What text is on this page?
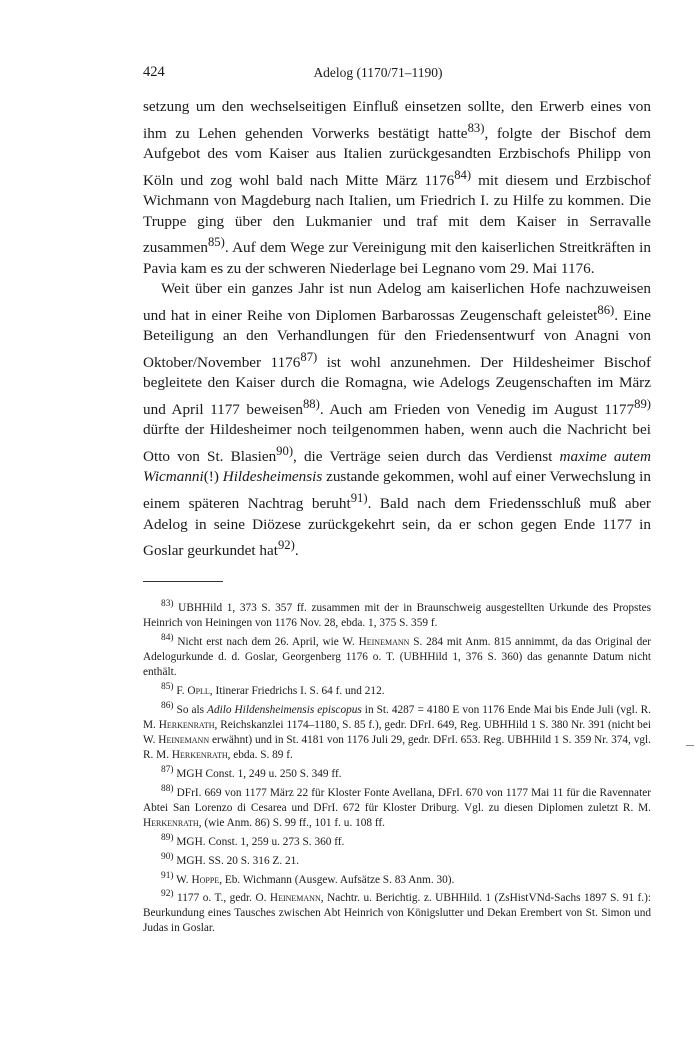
424	Adelog (1170/71–1190)

setzung um den wechselseitigen Einfluß einsetzen sollte, den Erwerb eines von ihm zu Lehen gehenden Vorwerks bestätigt hatte$^{83)}$, folgte der Bischof dem Aufgebot des vom Kaiser aus Italien zurückgesandten Erzbischofs Philipp von Köln und zog wohl bald nach Mitte März 1176$^{84)}$ mit diesem und Erzbischof Wichmann von Magdeburg nach Italien, um Friedrich I. zu Hilfe zu kommen. Die Truppe ging über den Lukmanier und traf mit dem Kaiser in Serravalle zusammen$^{85)}$. Auf dem Wege zur Vereinigung mit den kaiserlichen Streitkräften in Pavia kam es zu der schweren Niederlage bei Legnano vom 29. Mai 1176.

Weit über ein ganzes Jahr ist nun Adelog am kaiserlichen Hofe nachzuweisen und hat in einer Reihe von Diplomen Barbarossas Zeugenschaft geleistet$^{86)}$. Eine Beteiligung an den Verhandlungen für den Friedensentwurf von Anagni von Oktober/November 1176$^{87)}$ ist wohl anzunehmen. Der Hildesheimer Bischof begleitete den Kaiser durch die Romagna, wie Adelogs Zeugenschaften im März und April 1177 beweisen$^{88)}$. Auch am Frieden von Venedig im August 1177$^{89)}$ dürfte der Hildesheimer noch teilgenommen haben, wenn auch die Nachricht bei Otto von St. Blasien$^{90)}$, die Verträge seien durch das Verdienst maxime autem Wicmanni(!) Hildesheimensis zustande gekommen, wohl auf einer Verwechslung in einem späteren Nachtrag beruht$^{91)}$. Bald nach dem Friedensschluß muß aber Adelog in seine Diözese zurückgekehrt sein, da er schon gegen Ende 1177 in Goslar geurkundet hat$^{92)}$.

$^{83)}$ UBHHild 1, 373 S. 357 ff. zusammen mit der in Braunschweig ausgestellten Urkunde des Propstes Heinrich von Heiningen von 1176 Nov. 28, ebda. 1, 375 S. 359 f.

$^{84)}$ Nicht erst nach dem 26. April, wie W. Heinemann S. 284 mit Anm. 815 annimmt, da das Original der Adelogurkunde d. d. Goslar, Georgenberg 1176 o. T. (UBHHild 1, 376 S. 360) das genannte Datum nicht enthält.

$^{85)}$ F. Opll, Itinerar Friedrichs I. S. 64 f. und 212.

$^{86)}$ So als Adilo Hildensheimensis episcopus in St. 4287 = 4180 E von 1176 Ende Mai bis Ende Juli (vgl. R. M. Herkenrath, Reichskanzlei 1174–1180, S. 85 f.), gedr. DFrI. 649, Reg. UBHHild 1 S. 380 Nr. 391 (nicht bei W. Heinemann erwähnt) und in St. 4181 von 1176 Juli 29, gedr. DFrI. 653. Reg. UBHHild 1 S. 359 Nr. 374, vgl. R. M. Herkenrath, ebda. S. 89 f.

$^{87)}$ MGH Const. 1, 249 u. 250 S. 349 ff.

$^{88)}$ DFrI. 669 von 1177 März 22 für Kloster Fonte Avellana, DFrI. 670 von 1177 Mai 11 für die Ravennater Abtei San Lorenzo di Cesarea und DFrI. 672 für Kloster Driburg. Vgl. zu diesen Diplomen zuletzt R. M. Herkenrath, (wie Anm. 86) S. 99 ff., 101 f. u. 108 ff.

$^{89)}$ MGH. Const. 1, 259 u. 273 S. 360 ff.

$^{90)}$ MGH. SS. 20 S. 316 Z. 21.

$^{91)}$ W. Hoppe, Eb. Wichmann (Ausgew. Aufsätze S. 83 Anm. 30).

$^{92)}$ 1177 o. T., gedr. O. Heinemann, Nachtr. u. Berichtig. z. UBHHild. 1 (ZsHistVNd-Sachs 1897 S. 91 f.): Beurkundung eines Tausches zwischen Abt Heinrich von Königslutter und Dekan Erembert von St. Simon und Judas in Goslar.
